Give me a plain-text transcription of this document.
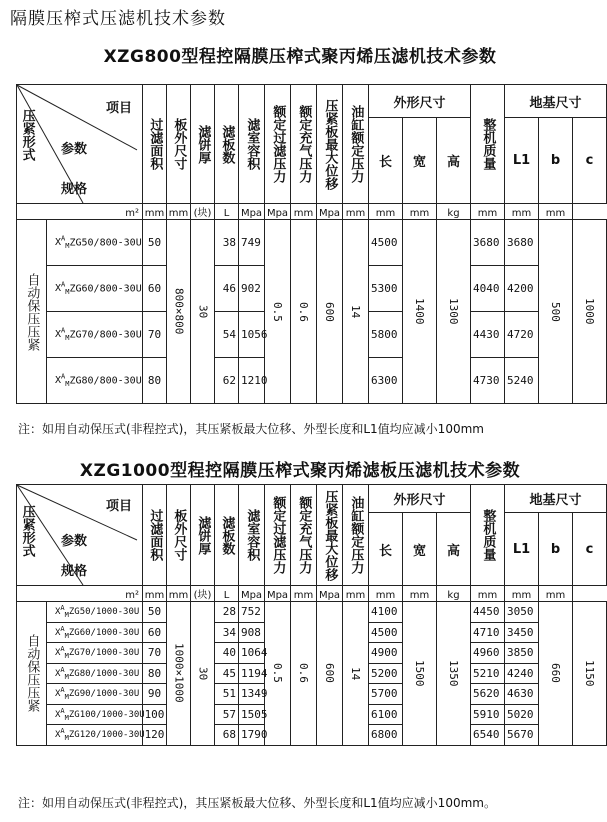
隔膜压榨式压滤机技术参数
XZG800型程控隔膜压榨式聚丙烯压滤机技术参数
项目
参数
规格
压紧形式		过滤面积	板外尺寸	滤饼厚	滤板数	滤室容积	额定过滤压力	额定充气压力	压紧板最大位移	油缸额定压力	外形尺寸			整机质量	地基尺寸		
											长	宽	高		L1	b	c
m²		mm	mm	(块)	L	Mpa	Mpa	mm	Mpa	mm	mm	mm	kg	mm	mm	mm	

自动保压压紧	$X^A_MZG50/800-30U$	50	800×800	30	38	749	0.5	0.6	600	14	4500	1400	1300	3680	3680	500	1000

	$X^A_MZG60/800-30U$	60			46	902					5300			4040	4200		
	$X^A_MZG70/800-30U$	70			54	1056					5800			4430	4720		
	$X^A_MZG80/800-30U$	80			62	1210					6300			4730	5240		
注：如用自动保压式(非程控式)，其压紧板最大位移、外型长度和L1值均应减小100mm
XZG1000型程控隔膜压榨式聚丙烯滤板压滤机技术参数
项目
参数
规格
压紧形式		过滤面积	板外尺寸	滤饼厚	滤板数	滤室容积	额定过滤压力	额定充气压力	压紧板最大位移	油缸额定压力	外形尺寸			整机质量	地基尺寸		
											长	宽	高		L1	b	c
m²		mm	mm	(块)	L	Mpa	Mpa	mm	Mpa	mm	mm	mm	kg	mm	mm	mm	

自动保压压紧	$X^A_MZG50/1000-30U$	50	1000×1000	30	28	752	0.5	0.6	600	14	4100	1500	1350	4450	3050	660	1150

	$X^A_MZG60/1000-30U$	60			34	908					4500			4710	3450		
	$X^A_MZG70/1000-30U$	70			40	1064					4900			4960	3850		
	$X^A_MZG80/1000-30U$	80			45	1194					5200			5210	4240		
	$X^A_MZG90/1000-30U$	90			51	1349					5700			5620	4630		
	$X^A_MZG100/1000-30U$	100			57	1505					6100			5910	5020		
	$X^A_MZG120/1000-30U$	120			68	1790					6800			6540	5670		
注：如用自动保压式(非程控式)，其压紧板最大位移、外型长度和L1值均应减小100mm。
